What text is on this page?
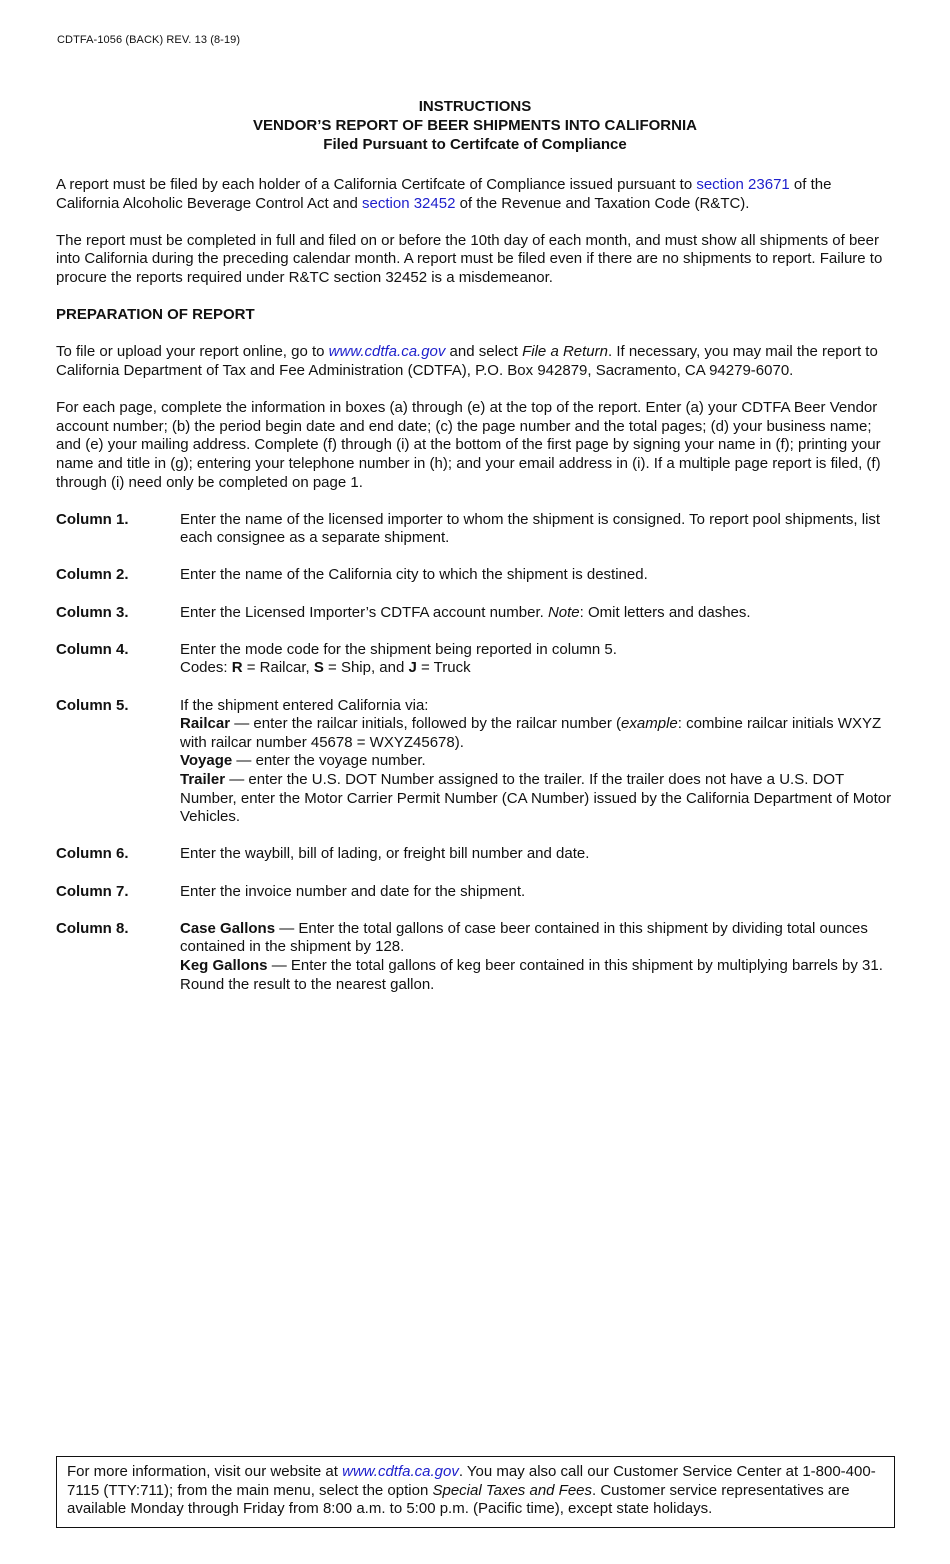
CDTFA-1056 (BACK) REV. 13 (8-19)
INSTRUCTIONS
VENDOR’S REPORT OF BEER SHIPMENTS INTO CALIFORNIA
Filed Pursuant to Certifcate of Compliance

A report must be filed by each holder of a California Certifcate of Compliance issued pursuant to section 23671 of the California Alcoholic Beverage Control Act and section 32452 of the Revenue and Taxation Code (R&TC).

The report must be completed in full and filed on or before the 10th day of each month, and must show all shipments of beer into California during the preceding calendar month. A report must be filed even if there are no shipments to report. Failure to procure the reports required under R&TC section 32452 is a misdemeanor.

PREPARATION OF REPORT

To file or upload your report online, go to www.cdtfa.ca.gov and select File a Return. If necessary, you may mail the report to California Department of Tax and Fee Administration (CDTFA), P.O. Box 942879, Sacramento, CA 94279-6070.

For each page, complete the information in boxes (a) through (e) at the top of the report. Enter (a) your CDTFA Beer Vendor account number; (b) the period begin date and end date; (c) the page number and the total pages; (d) your business name; and (e) your mailing address. Complete (f) through (i) at the bottom of the first page by signing your name in (f); printing your name and title in (g); entering your telephone number in (h); and your email address in (i). If a multiple page report is filed, (f) through (i) need only be completed on page 1.

Column 1.	Enter the name of the licensed importer to whom the shipment is consigned. To report pool shipments, list each consignee as a separate shipment.
Column 2.	Enter the name of the California city to which the shipment is destined.
Column 3.	Enter the Licensed Importer’s CDTFA account number. Note: Omit letters and dashes.
Column 4.	Enter the mode code for the shipment being reported in column 5.
Codes: R = Railcar, S = Ship, and J = Truck
Column 5.	If the shipment entered California via:
Railcar — enter the railcar initials, followed by the railcar number (example: combine railcar initials WXYZ with railcar number 45678 = WXYZ45678).
Voyage — enter the voyage number.
Trailer — enter the U.S. DOT Number assigned to the trailer. If the trailer does not have a U.S. DOT Number, enter the Motor Carrier Permit Number (CA Number) issued by the California Department of Motor Vehicles.
Column 6.	Enter the waybill, bill of lading, or freight bill number and date.
Column 7.	Enter the invoice number and date for the shipment.
Column 8.	Case Gallons — Enter the total gallons of case beer contained in this shipment by dividing total ounces contained in the shipment by 128.
Keg Gallons — Enter the total gallons of keg beer contained in this shipment by multiplying barrels by 31. Round the result to the nearest gallon.
For more information, visit our website at www.cdtfa.ca.gov. You may also call our Customer Service Center at 1-800-400-7115 (TTY:711); from the main menu, select the option Special Taxes and Fees. Customer service representatives are available Monday through Friday from 8:00 a.m. to 5:00 p.m. (Pacific time), except state holidays.
